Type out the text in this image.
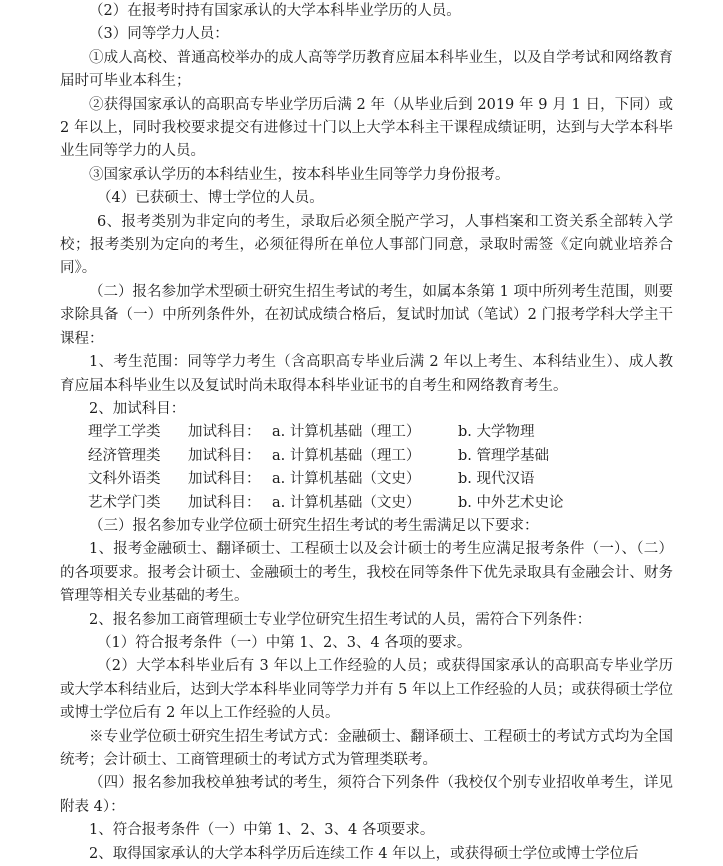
（2）在报考时持有国家承认的大学本科毕业学历的人员。

（3）同等学力人员：

①成人高校、普通高校举办的成人高等学历教育应届本科毕业生，以及自学考试和网络教育届时可毕业本科生；

②获得国家承认的高职高专毕业学历后满 2 年（从毕业后到 2019 年 9 月 1 日，下同）或 2 年以上，同时我校要求提交有进修过十门以上大学本科主干课程成绩证明，达到与大学本科毕业生同等学力的人员。

③国家承认学历的本科结业生，按本科毕业生同等学力身份报考。

（4）已获硕士、博士学位的人员。

6、报考类别为非定向的考生，录取后必须全脱产学习，人事档案和工资关系全部转入学校；报考类别为定向的考生，必须征得所在单位人事部门同意，录取时需签《定向就业培养合同》。

（二）报名参加学术型硕士研究生招生考试的考生，如属本条第 1 项中所列考生范围，则要求除具备（一）中所列条件外，在初试成绩合格后，复试时加试（笔试）2 门报考学科大学主干课程：

1、考生范围：同等学力考生（含高职高专毕业后满 2 年以上考生、本科结业生）、成人教育应届本科毕业生以及复试时尚未取得本科毕业证书的自考生和网络教育考生。

2、加试科目：

理学工学类	加试科目：	a. 计算机基础（理工）	b. 大学物理
经济管理类	加试科目：	a. 计算机基础（理工）	b. 管理学基础
文科外语类	加试科目：	a. 计算机基础（文史）	b. 现代汉语
艺术学门类	加试科目：	a. 计算机基础（文史）	b. 中外艺术史论

（三）报名参加专业学位硕士研究生招生考试的考生需满足以下要求：

1、报考金融硕士、翻译硕士、工程硕士以及会计硕士的考生应满足报考条件（一）、（二）的各项要求。报考会计硕士、金融硕士的考生，我校在同等条件下优先录取具有金融会计、财务管理等相关专业基础的考生。

2、报名参加工商管理硕士专业学位研究生招生考试的人员，需符合下列条件：

（1）符合报考条件（一）中第 1、2、3、4 各项的要求。

（2）大学本科毕业后有 3 年以上工作经验的人员；或获得国家承认的高职高专毕业学历或大学本科结业后，达到大学本科毕业同等学力并有 5 年以上工作经验的人员；或获得硕士学位或博士学位后有 2 年以上工作经验的人员。

※专业学位硕士研究生招生考试方式：金融硕士、翻译硕士、工程硕士的考试方式均为全国统考；会计硕士、工商管理硕士的考试方式为管理类联考。

（四）报名参加我校单独考试的考生，须符合下列条件（我校仅个别专业招收单考生，详见附表 4）：

1、符合报考条件（一）中第 1、2、3、4 各项要求。

2、取得国家承认的大学本科学历后连续工作 4 年以上，或获得硕士学位或博士学位后
